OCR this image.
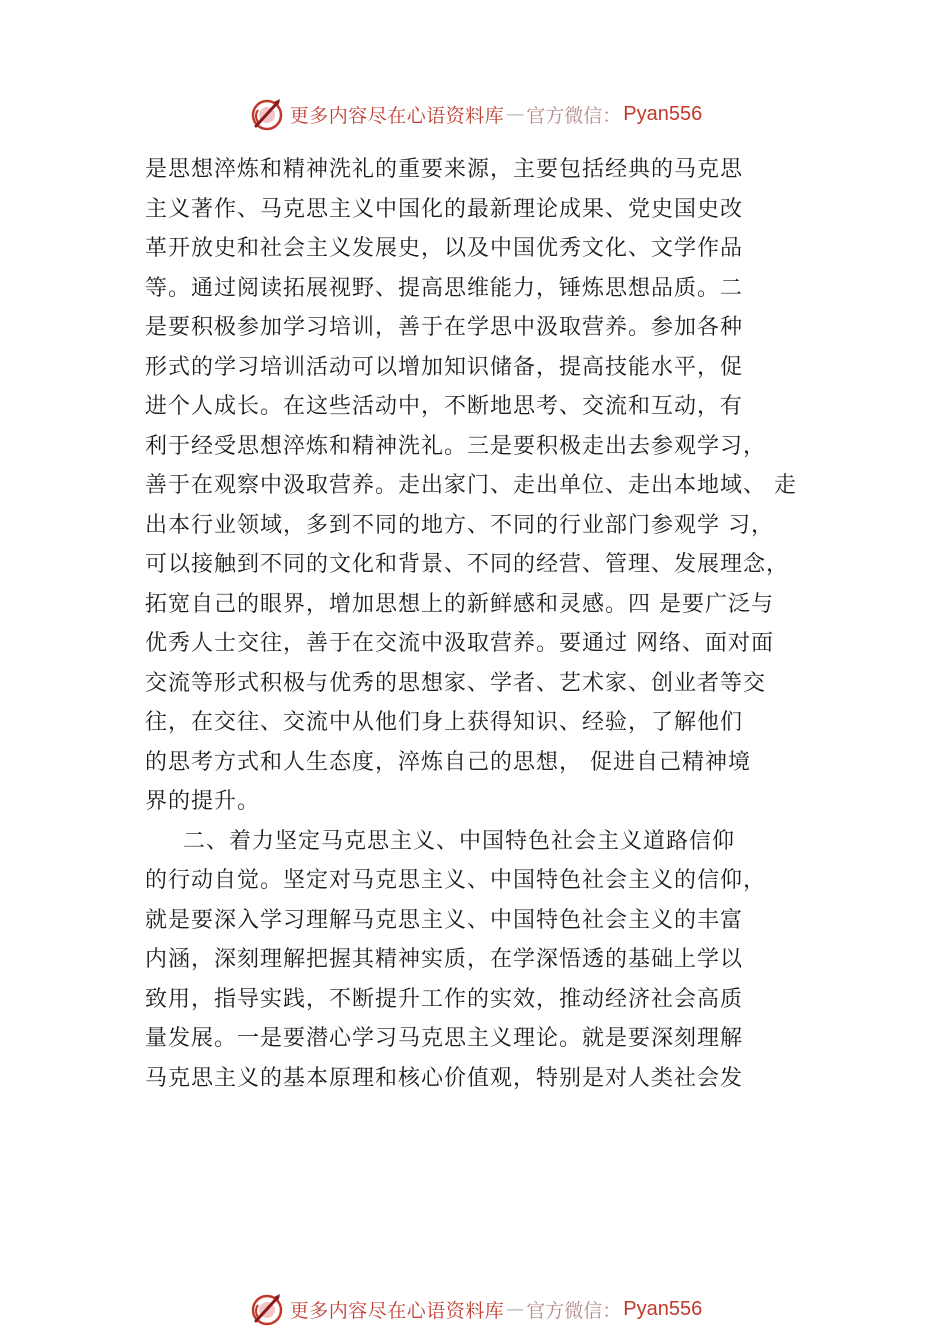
更多内容尽在心语资料库 — 官方微信： Pyan556
是思想淬炼和精神洗礼的重要来源，主要包括经典的马克思
主义著作、马克思主义中国化的最新理论成果、党史国史改
革开放史和社会主义发展史，以及中国优秀文化、文学作品
等。通过阅读拓展视野、提高思维能力，锤炼思想品质。二
是要积极参加学习培训，善于在学思中汲取营养。参加各种
形式的学习培训活动可以增加知识储备，提高技能水平，促
进个人成长。在这些活动中，不断地思考、交流和互动，有
利于经受思想淬炼和精神洗礼。三是要积极走出去参观学习，
善于在观察中汲取营养。走出家门、走出单位、走出本地域、 走
出本行业领域，多到不同的地方、不同的行业部门参观学 习，
可以接触到不同的文化和背景、不同的经营、管理、发展理念，
拓宽自己的眼界，增加思想上的新鲜感和灵感。四 是要广泛与
优秀人士交往，善于在交流中汲取营养。要通过 网络、面对面
交流等形式积极与优秀的思想家、学者、艺术家、创业者等交
往，在交往、交流中从他们身上获得知识、经验，了解他们
的思考方式和人生态度，淬炼自己的思想， 促进自己精神境
界的提升。
二、着力坚定马克思主义、中国特色社会主义道路信仰
的行动自觉。坚定对马克思主义、中国特色社会主义的信仰，
就是要深入学习理解马克思主义、中国特色社会主义的丰富
内涵，深刻理解把握其精神实质，在学深悟透的基础上学以
致用，指导实践，不断提升工作的实效，推动经济社会高质
量发展。一是要潜心学习马克思主义理论。就是要深刻理解
马克思主义的基本原理和核心价值观，特别是对人类社会发
更多内容尽在心语资料库 — 官方微信： Pyan556
